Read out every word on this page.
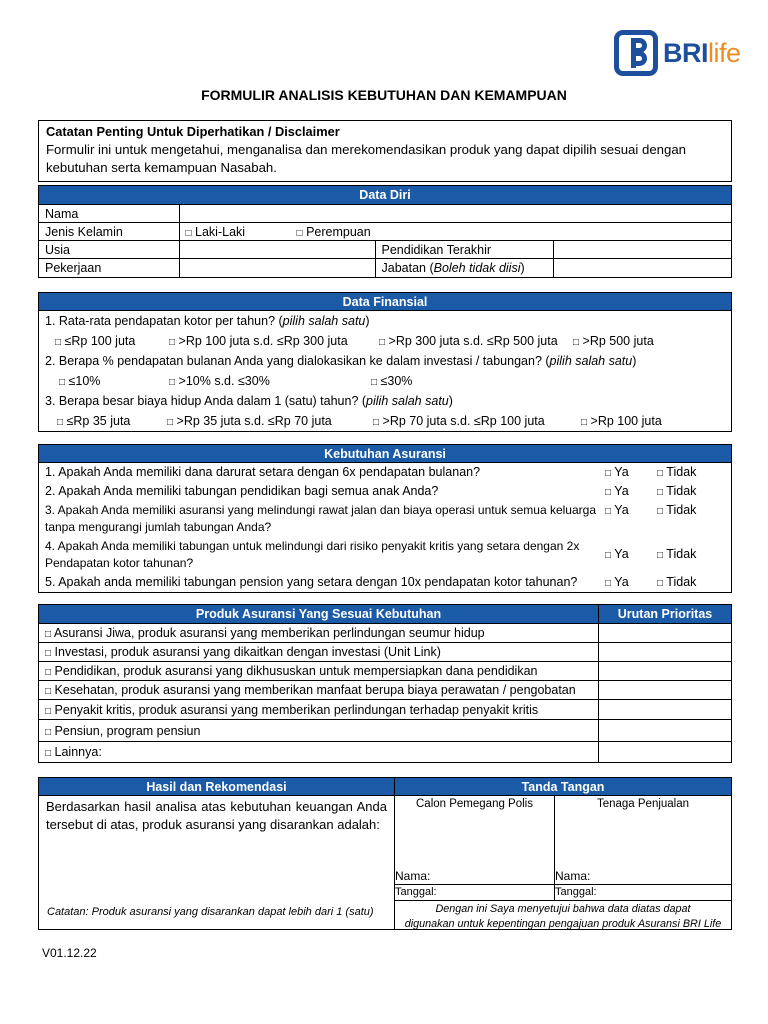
BRIlife
FORMULIR ANALISIS KEBUTUHAN DAN KEMAMPUAN
Catatan Penting Untuk Diperhatikan / Disclaimer
Formulir ini untuk mengetahui, menganalisa dan merekomendasikan produk yang dapat dipilih sesuai dengan kebutuhan serta kemampuan Nasabah.
Data Diri
Nama			
Jenis Kelamin	□ Laki-Laki □ Perempuan		
Usia		Pendidikan Terakhir	
Pekerjaan		Jabatan (Boleh tidak diisi)	
Data Finansial
1. Rata-rata pendapatan kotor per tahun? (pilih salah satu)
□ ≤Rp 100 juta	□ >Rp 100 juta s.d. ≤Rp 300 juta	□ >Rp 300 juta s.d. ≤Rp 500 juta □ >Rp 500 juta
2. Berapa % pendapatan bulanan Anda yang dialokasikan ke dalam investasi / tabungan? (pilih salah satu)
□ ≤10%	□ >10% s.d. ≤30%	□ ≤30%
3. Berapa besar biaya hidup Anda dalam 1 (satu) tahun? (pilih salah satu)
□ ≤Rp 35 juta	□ >Rp 35 juta s.d. ≤Rp 70 juta	□ >Rp 70 juta s.d. ≤Rp 100 juta	□ >Rp 100 juta
Kebutuhan Asuransi
1. Apakah Anda memiliki dana darurat setara dengan 6x pendapatan bulanan?	□ Ya	□ Tidak
2. Apakah Anda memiliki tabungan pendidikan bagi semua anak Anda?	□ Ya	□ Tidak
3. Apakah Anda memiliki asuransi yang melindungi rawat jalan dan biaya operasi untuk semua keluarga tanpa mengurangi jumlah tabungan Anda?
□ Ya	□ Tidak
4. Apakah Anda memiliki tabungan untuk melindungi dari risiko penyakit kritis yang setara dengan 2x Pendapatan kotor tahunan?
□ Ya	□ Tidak
5. Apakah anda memiliki tabungan pension yang setara dengan 10x pendapatan kotor tahunan?	□ Ya	□ Tidak
Produk Asuransi Yang Sesuai Kebutuhan	Urutan Prioritas
□ Asuransi Jiwa, produk asuransi yang memberikan perlindungan seumur hidup	
□ Investasi, produk asuransi yang dikaitkan dengan investasi (Unit Link)	
□ Pendidikan, produk asuransi yang dikhususkan untuk mempersiapkan dana pendidikan	
□ Kesehatan, produk asuransi yang memberikan manfaat berupa biaya perawatan / pengobatan	
□ Penyakit kritis, produk asuransi yang memberikan perlindungan terhadap penyakit kritis	
□ Pensiun, program pensiun	
□ Lainnya:	
Hasil dan Rekomendasi
Berdasarkan hasil analisa atas kebutuhan keuangan Anda tersebut di atas, produk asuransi yang disarankan adalah:
Catatan: Produk asuransi yang disarankan dapat lebih dari 1 (satu)
Tanda Tangan
Calon Pemegang Polis
Nama:
Tanggal:
Tenaga Penjualan
Nama:
Tanggal:
Dengan ini Saya menyetujui bahwa data diatas dapat
digunakan untuk kepentingan pengajuan produk Asuransi BRI Life
V01.12.22
